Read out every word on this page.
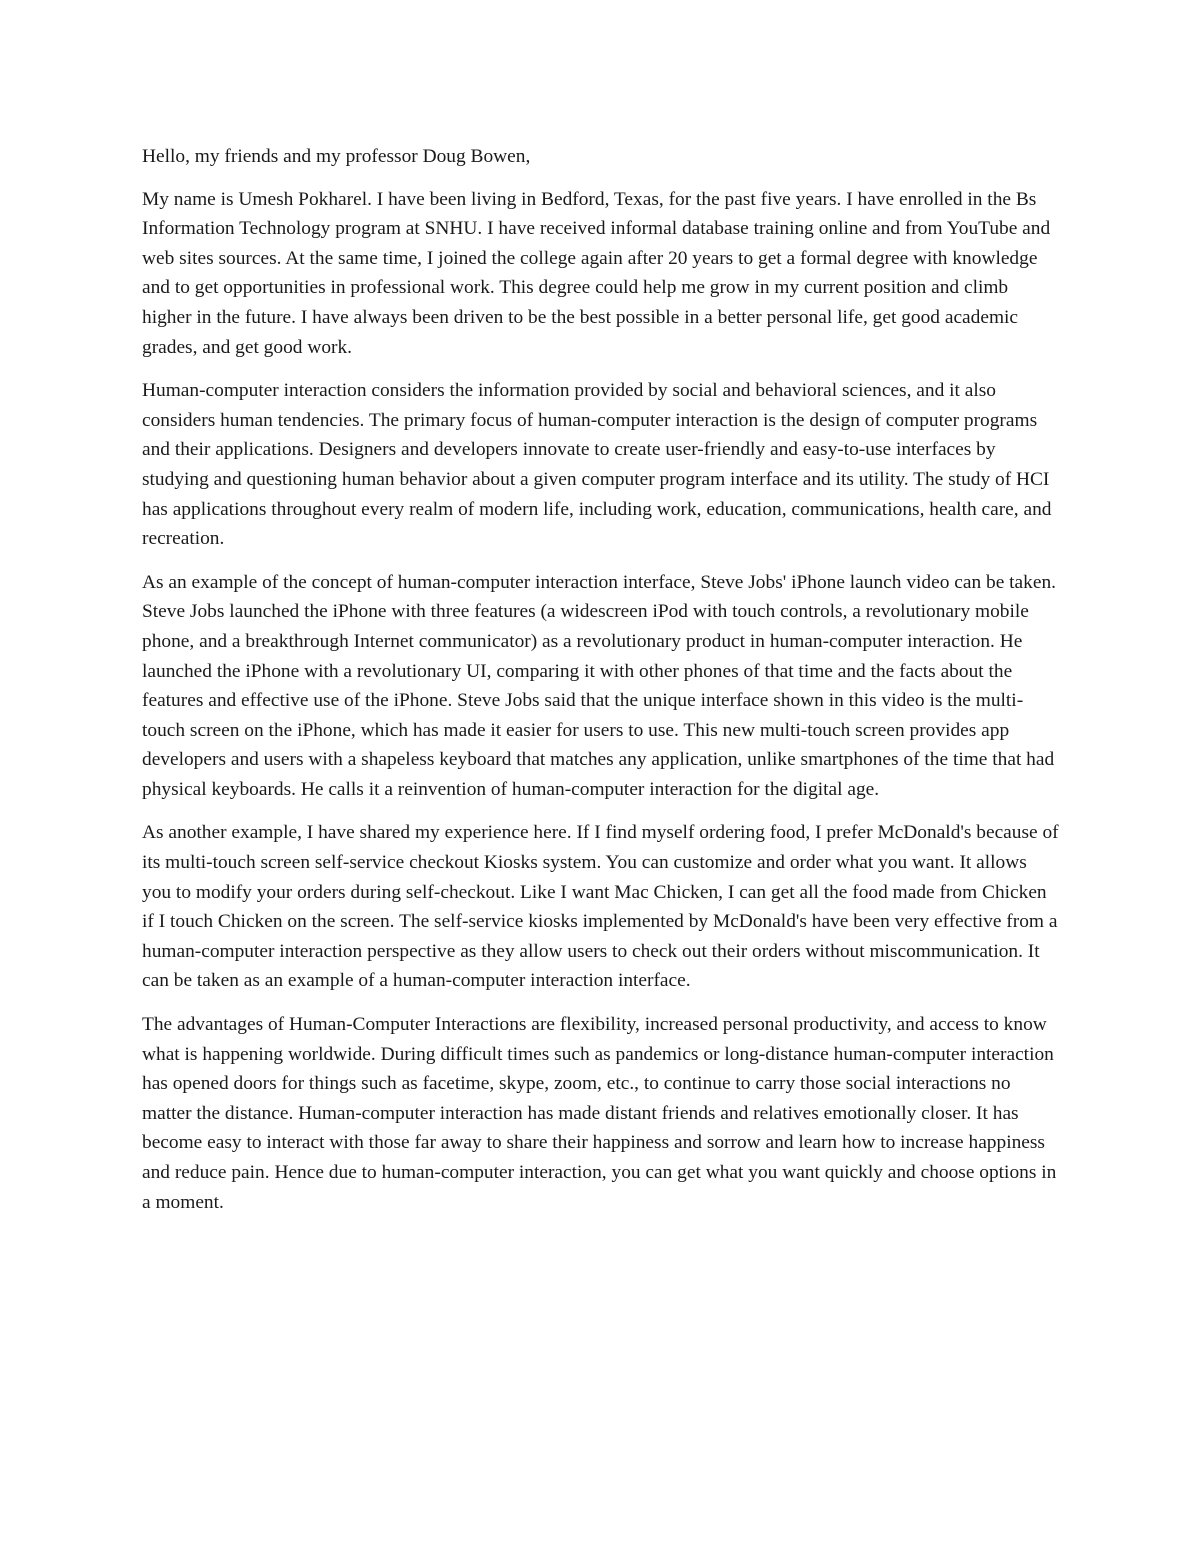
Hello, my friends and my professor Doug Bowen,

My name is Umesh Pokharel. I have been living in Bedford, Texas, for the past five years. I have enrolled in the Bs Information Technology program at SNHU. I have received informal database training online and from YouTube and web sites sources. At the same time, I joined the college again after 20 years to get a formal degree with knowledge and to get opportunities in professional work. This degree could help me grow in my current position and climb higher in the future. I have always been driven to be the best possible in a better personal life, get good academic grades, and get good work.

Human-computer interaction considers the information provided by social and behavioral sciences, and it also considers human tendencies. The primary focus of human-computer interaction is the design of computer programs and their applications. Designers and developers innovate to create user-friendly and easy-to-use interfaces by studying and questioning human behavior about a given computer program interface and its utility. The study of HCI has applications throughout every realm of modern life, including work, education, communications, health care, and recreation.

As an example of the concept of human-computer interaction interface, Steve Jobs' iPhone launch video can be taken. Steve Jobs launched the iPhone with three features (a widescreen iPod with touch controls, a revolutionary mobile phone, and a breakthrough Internet communicator) as a revolutionary product in human-computer interaction. He launched the iPhone with a revolutionary UI, comparing it with other phones of that time and the facts about the features and effective use of the iPhone. Steve Jobs said that the unique interface shown in this video is the multi-touch screen on the iPhone, which has made it easier for users to use. This new multi-touch screen provides app developers and users with a shapeless keyboard that matches any application, unlike smartphones of the time that had physical keyboards. He calls it a reinvention of human-computer interaction for the digital age.

As another example, I have shared my experience here. If I find myself ordering food, I prefer McDonald's because of its multi-touch screen self-service checkout Kiosks system. You can customize and order what you want. It allows you to modify your orders during self-checkout. Like I want Mac Chicken, I can get all the food made from Chicken if I touch Chicken on the screen. The self-service kiosks implemented by McDonald's have been very effective from a human-computer interaction perspective as they allow users to check out their orders without miscommunication. It can be taken as an example of a human-computer interaction interface.

The advantages of Human-Computer Interactions are flexibility, increased personal productivity, and access to know what is happening worldwide. During difficult times such as pandemics or long-distance human-computer interaction has opened doors for things such as facetime, skype, zoom, etc., to continue to carry those social interactions no matter the distance. Human-computer interaction has made distant friends and relatives emotionally closer. It has become easy to interact with those far away to share their happiness and sorrow and learn how to increase happiness and reduce pain. Hence due to human-computer interaction, you can get what you want quickly and choose options in a moment.
